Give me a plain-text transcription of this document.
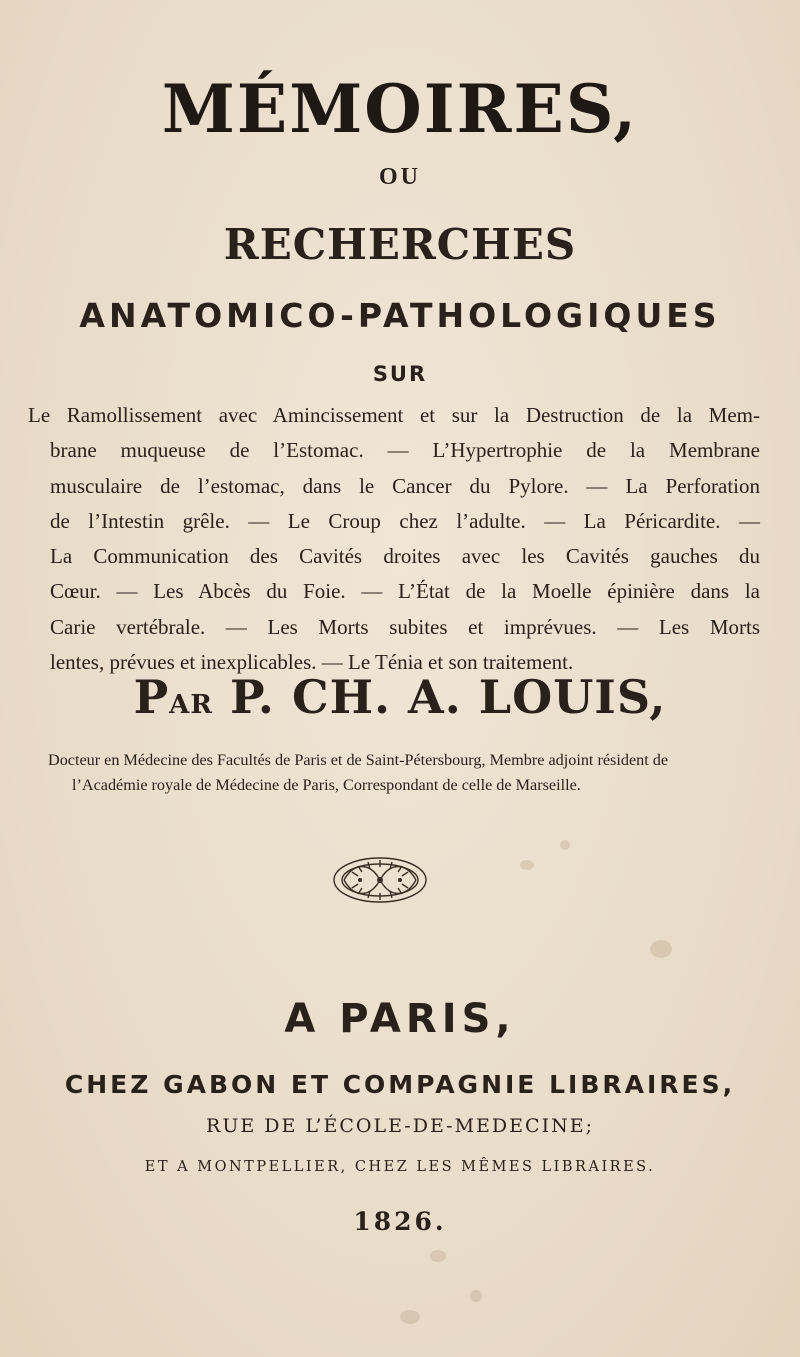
MÉMOIRES,
OU
RECHERCHES
ANATOMICO-PATHOLOGIQUES
SUR
Le Ramollissement avec Amincissement et sur la Destruction de la Mem-
brane muqueuse de l’Estomac. — L’Hypertrophie de la Membrane
musculaire de l’estomac, dans le Cancer du Pylore. — La Perforation
de l’Intestin grêle. — Le Croup chez l’adulte. — La Péricardite. —
La Communication des Cavités droites avec les Cavités gauches du
Cœur. — Les Abcès du Foie. — L’État de la Moelle épinière dans la
Carie vertébrale. — Les Morts subites et imprévues. — Les Morts
lentes, prévues et inexplicables. — Le Ténia et son traitement.
PAR P. CH. A. LOUIS,
Docteur en Médecine des Facultés de Paris et de Saint-Pétersbourg, Membre adjoint résident de
l’Académie royale de Médecine de Paris, Correspondant de celle de Marseille.
A PARIS,
CHEZ GABON ET COMPAGNIE LIBRAIRES,
RUE DE L’ÉCOLE-DE-MEDECINE;
ET A MONTPELLIER, CHEZ LES MÊMES LIBRAIRES.
1826.
